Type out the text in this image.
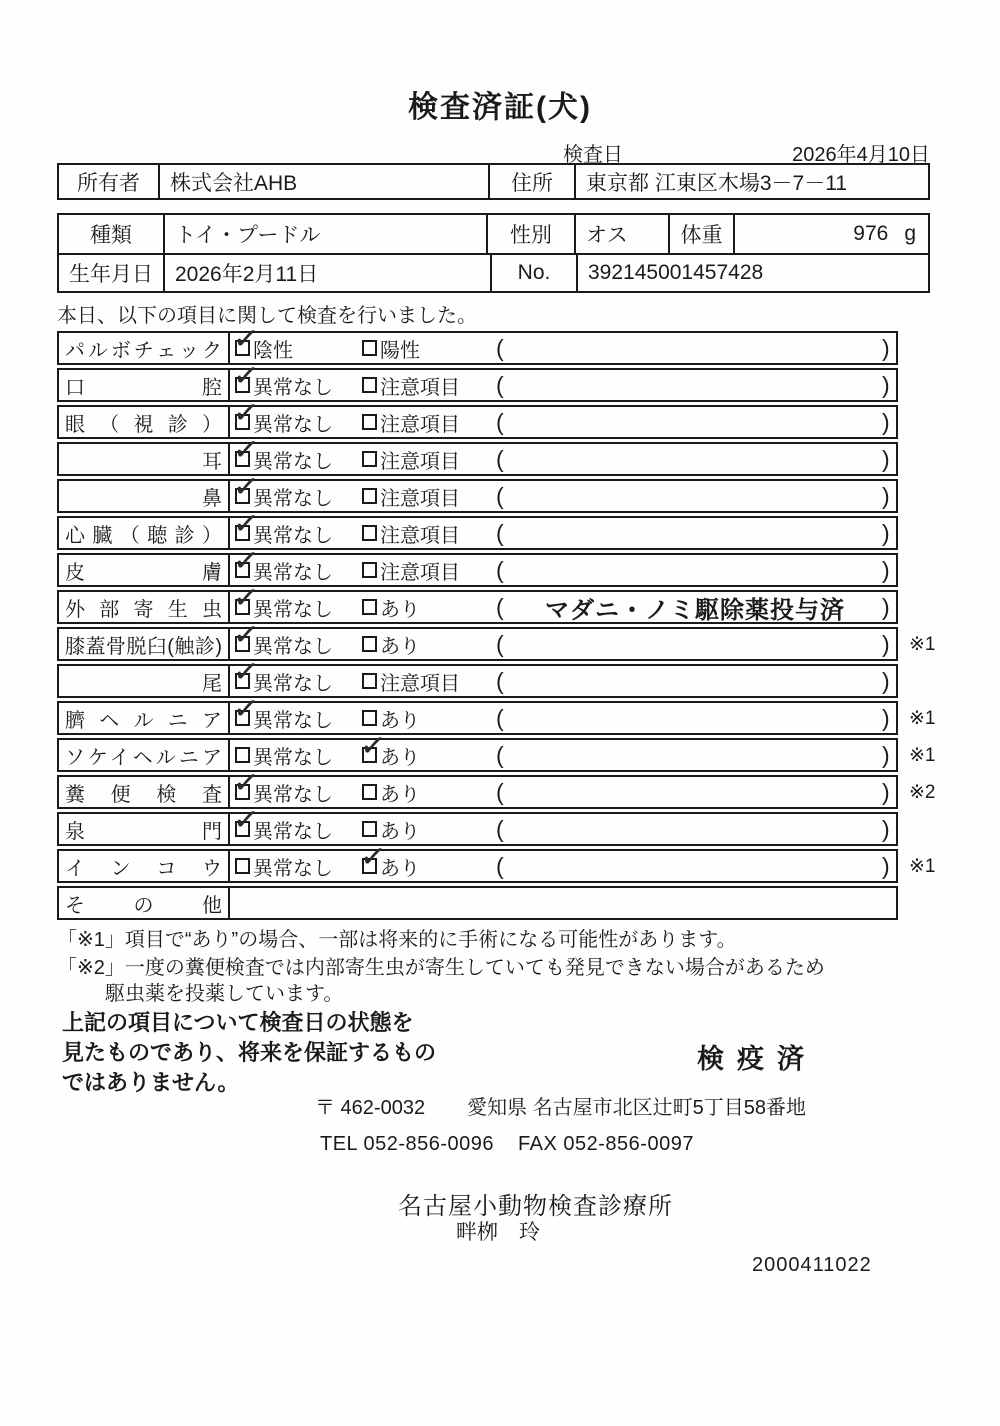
検査済証(犬)
検査日	2026年4月10日
所有者	株式会社AHB	住所	東京都 江東区木場3－7－11
種類	トイ・プードル	性別	オス	体重	976 g
生年月日	2026年2月11日	No.	392145001457428
本日、以下の項目に関して検査を行いました。
パルボチェック ✓ 陰性	陽性	(	)
口腔 ✓ 異常なし 注意項目 (	)
眼（視診） ✓ 異常なし 注意項目 (	)
　耳　 ✓ 異常なし 注意項目 (	)
　鼻　 ✓ 異常なし 注意項目 (	)
心臓（聴診） ✓ 異常なし 注意項目 (	)
皮膚 ✓ 異常なし 注意項目 (	)
外部寄生虫 ✓ 異常なし あり	(	マダニ・ノミ駆除薬投与済	)
膝蓋骨脱臼(触診) ✓ 異常なし あり	(	) ※1
　尾　 ✓ 異常なし 注意項目 (	)
臍ヘルニア ✓ 異常なし あり	(	) ※1
ソケイヘルニア 異常なし ✓ あり	(	) ※1
糞便検査 ✓ 異常なし あり	(	) ※2
泉門 ✓ 異常なし あり	(	)
インコウ 異常なし ✓ あり	(	) ※1
その他
「※1」項目で“あり”の場合、一部は将来的に手術になる可能性があります。
「※2」一度の糞便検査では内部寄生虫が寄生していても発見できない場合があるため
駆虫薬を投薬しています。
上記の項目について検査日の状態を
見たものであり、将来を保証するもの
ではありません。
検疫済
〒 462-0032 愛知県 名古屋市北区辻町5丁目58番地
TEL 052-856-0096 FAX 052-856-0097
名古屋小動物検査診療所
畔栁　玲
2000411022
